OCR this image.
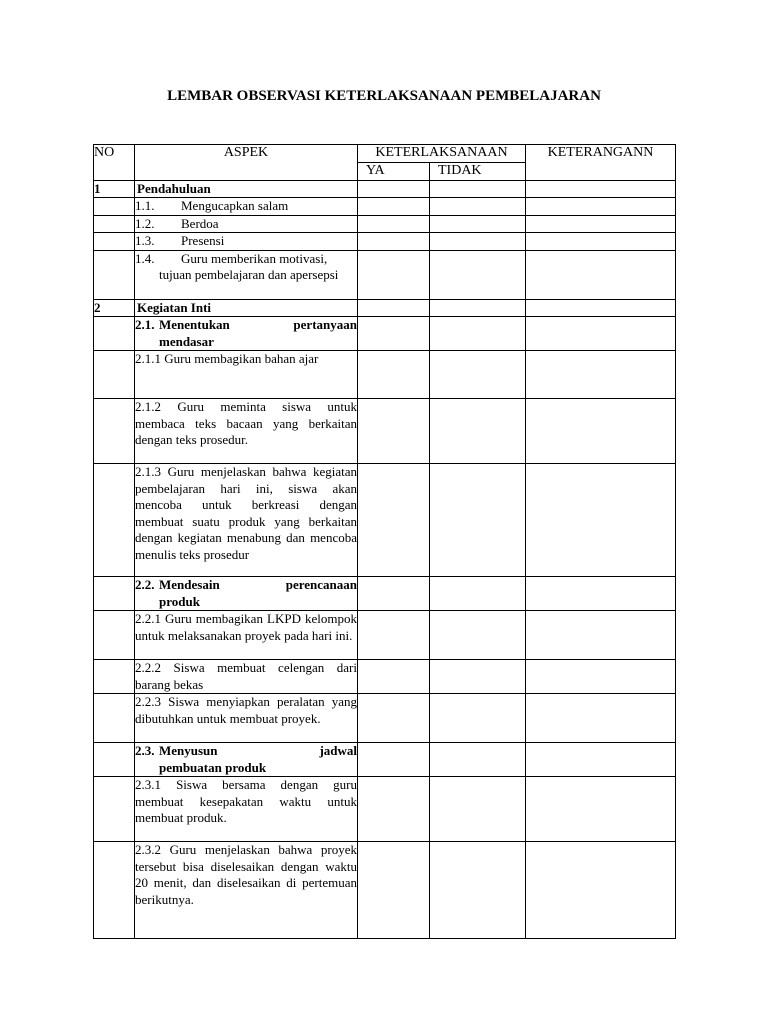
LEMBAR OBSERVASI KETERLAKSANAAN PEMBELAJARAN
NO	ASPEK	KETERLAKSANAAN		KETERANGANN
		YA	TIDAK	
1	Pendahuluan			

	1.1. Mengucapkan salam			

	1.2. Berdoa			

	1.3. Presensi			

	1.4. Guru memberikan motivasi,
tujuan pembelajaran dan apersepsi			

2	Kegiatan Inti			

	2.1. Menentukan pertanyaan
mendasar			

	2.1.1 Guru membagikan bahan ajar			

	2.1.2 Guru meminta siswa untuk membaca teks bacaan yang berkaitan dengan teks prosedur.			

	2.1.3 Guru menjelaskan bahwa kegiatan pembelajaran hari ini, siswa akan mencoba untuk berkreasi dengan membuat suatu produk yang berkaitan dengan kegiatan menabung dan mencoba menulis teks prosedur			

	2.2. Mendesain perencanaan
produk			

	2.2.1 Guru membagikan LKPD kelompok untuk melaksanakan proyek pada hari ini.			

	2.2.2 Siswa membuat celengan dari barang bekas			

	2.2.3 Siswa menyiapkan peralatan yang dibutuhkan untuk membuat proyek.			

	2.3. Menyusun jadwal
pembuatan produk			

	2.3.1 Siswa bersama dengan guru membuat kesepakatan waktu untuk membuat produk.			

	2.3.2 Guru menjelaskan bahwa proyek tersebut bisa diselesaikan dengan waktu 20 menit, dan diselesaikan di pertemuan berikutnya.			
